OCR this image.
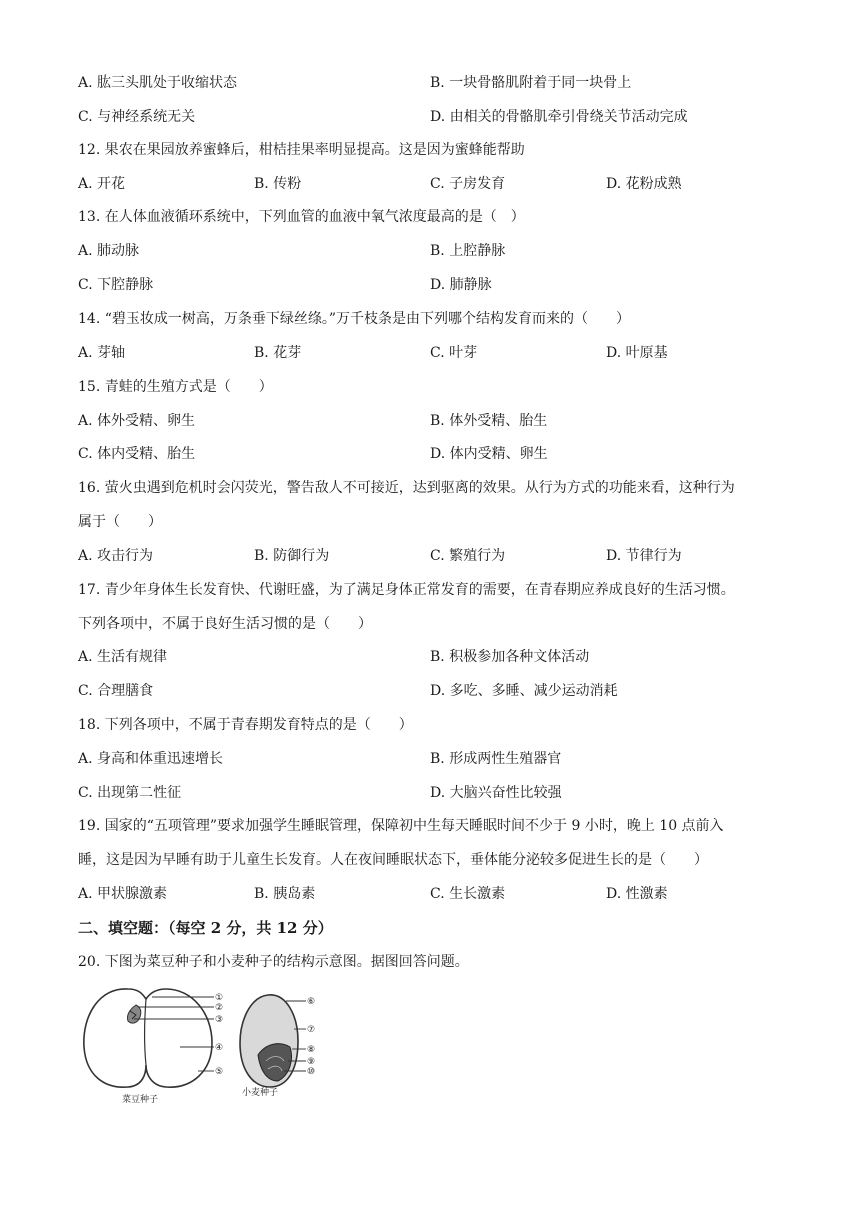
A. 肱三头肌处于收缩状态	B. 一块骨骼肌附着于同一块骨上
C. 与神经系统无关	D. 由相关的骨骼肌牵引骨绕关节活动完成
12. 果农在果园放养蜜蜂后，柑桔挂果率明显提高。这是因为蜜蜂能帮助
A. 开花	B. 传粉	C. 子房发育	D. 花粉成熟
13. 在人体血液循环系统中，下列血管的血液中氧气浓度最高的是（　）
A. 肺动脉	B. 上腔静脉
C. 下腔静脉	D. 肺静脉
14. “碧玉妆成一树高，万条垂下绿丝绦。”万千枝条是由下列哪个结构发育而来的（　　）
A. 芽轴	B. 花芽	C. 叶芽	D. 叶原基
15. 青蛙的生殖方式是（　　）
A. 体外受精、卵生	B. 体外受精、胎生
C. 体内受精、胎生	D. 体内受精、卵生
16. 萤火虫遇到危机时会闪荧光，警告敌人不可接近，达到驱离的效果。从行为方式的功能来看，这种行为
属于（　　）
A. 攻击行为	B. 防御行为	C. 繁殖行为	D. 节律行为
17. 青少年身体生长发育快、代谢旺盛，为了满足身体正常发育的需要，在青春期应养成良好的生活习惯。
下列各项中，不属于良好生活习惯的是（　　）
A. 生活有规律	B. 积极参加各种文体活动
C. 合理膳食	D. 多吃、多睡、减少运动消耗
18. 下列各项中，不属于青春期发育特点的是（　　）
A. 身高和体重迅速增长	B. 形成两性生殖器官
C. 出现第二性征	D. 大脑兴奋性比较强
19. 国家的“五项管理”要求加强学生睡眠管理，保障初中生每天睡眠时间不少于 9 小时，晚上 10 点前入
睡，这是因为早睡有助于儿童生长发育。人在夜间睡眠状态下，垂体能分泌较多促进生长的是（　　）
A. 甲状腺激素	B. 胰岛素	C. 生长激素	D. 性激素
二、填空题：（每空 2 分，共 12 分）
20. 下图为菜豆种子和小麦种子的结构示意图。据图回答问题。
①
②
③
④
⑤
菜豆种子
⑥
⑦
⑧
⑨
⑩
小麦种子
